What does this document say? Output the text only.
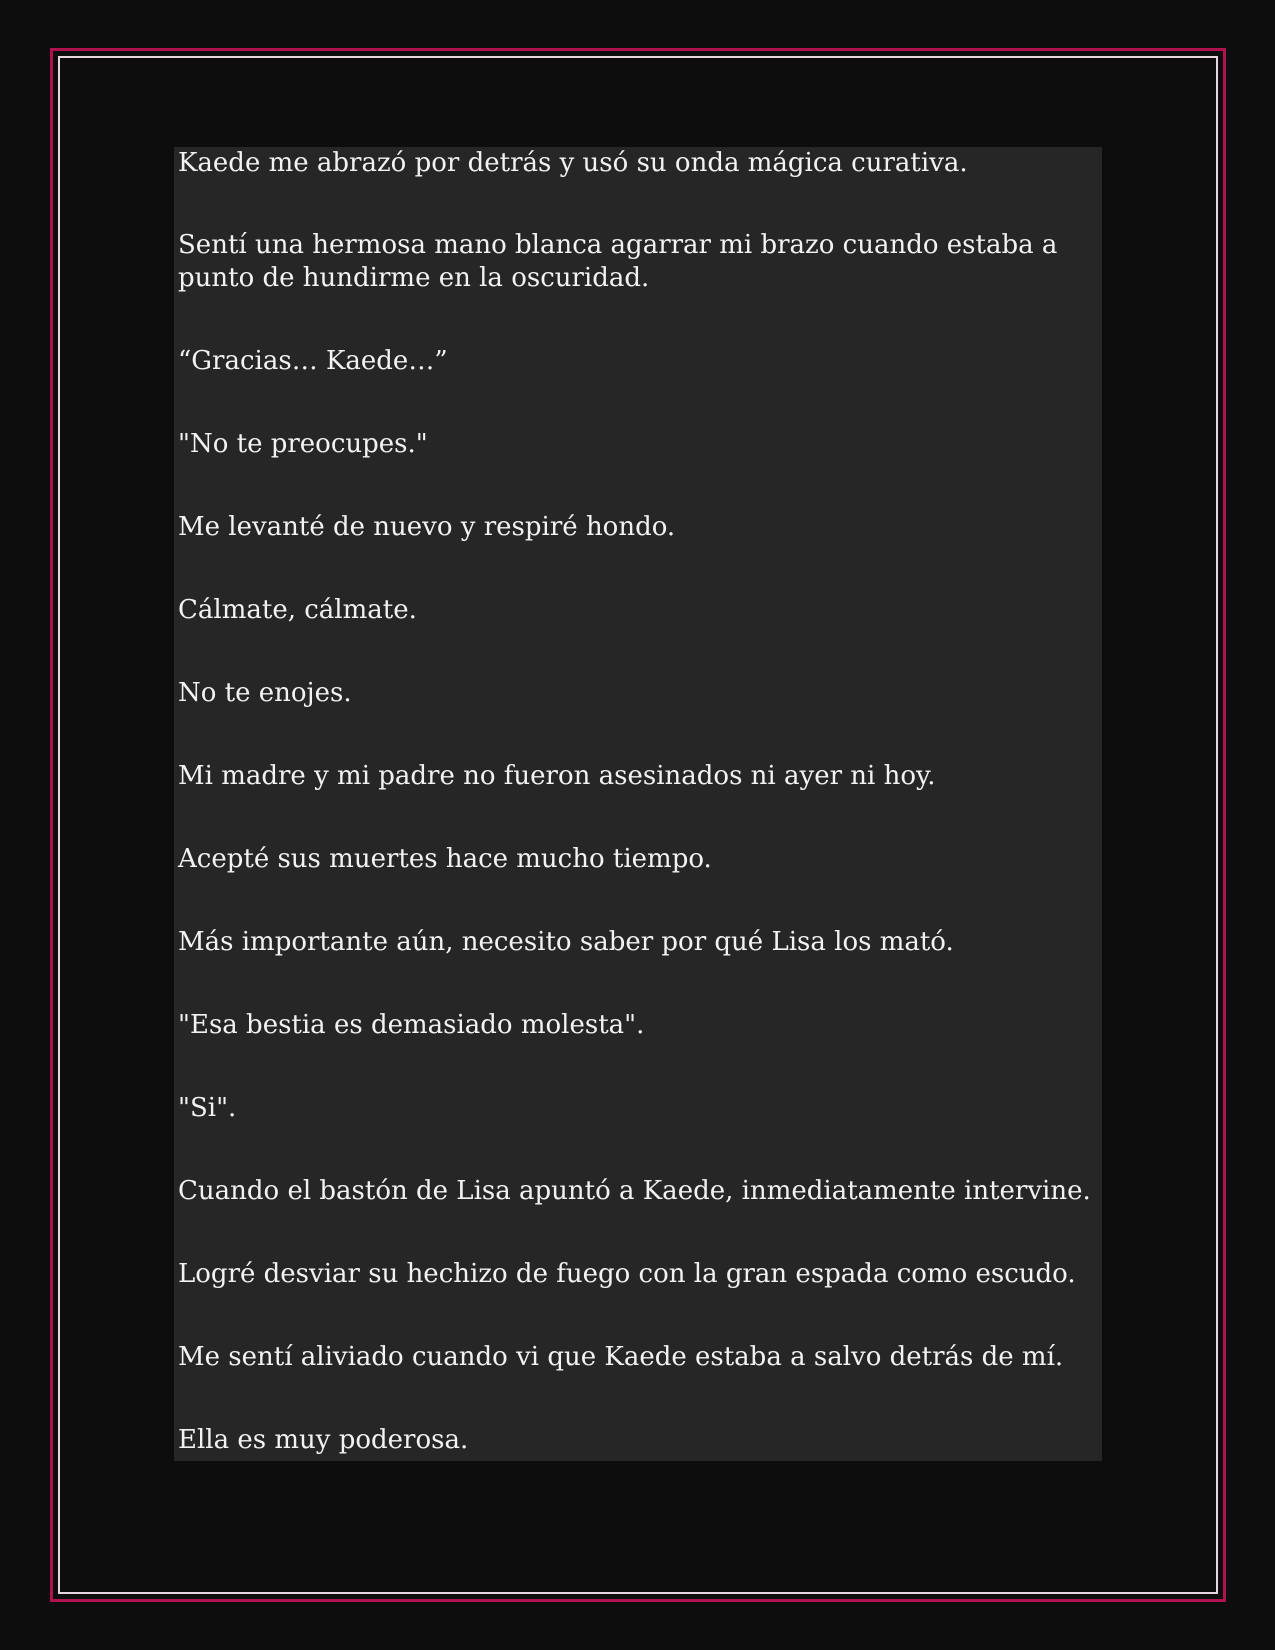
Kaede me abrazó por detrás y usó su onda mágica curativa.

Sentí una hermosa mano blanca agarrar mi brazo cuando estaba a
punto de hundirme en la oscuridad.

“Gracias… Kaede…”

"No te preocupes."

Me levanté de nuevo y respiré hondo.

Cálmate, cálmate.

No te enojes.

Mi madre y mi padre no fueron asesinados ni ayer ni hoy.

Acepté sus muertes hace mucho tiempo.

Más importante aún, necesito saber por qué Lisa los mató.

"Esa bestia es demasiado molesta".

"Si".

Cuando el bastón de Lisa apuntó a Kaede, inmediatamente intervine.

Logré desviar su hechizo de fuego con la gran espada como escudo.

Me sentí aliviado cuando vi que Kaede estaba a salvo detrás de mí.

Ella es muy poderosa.
